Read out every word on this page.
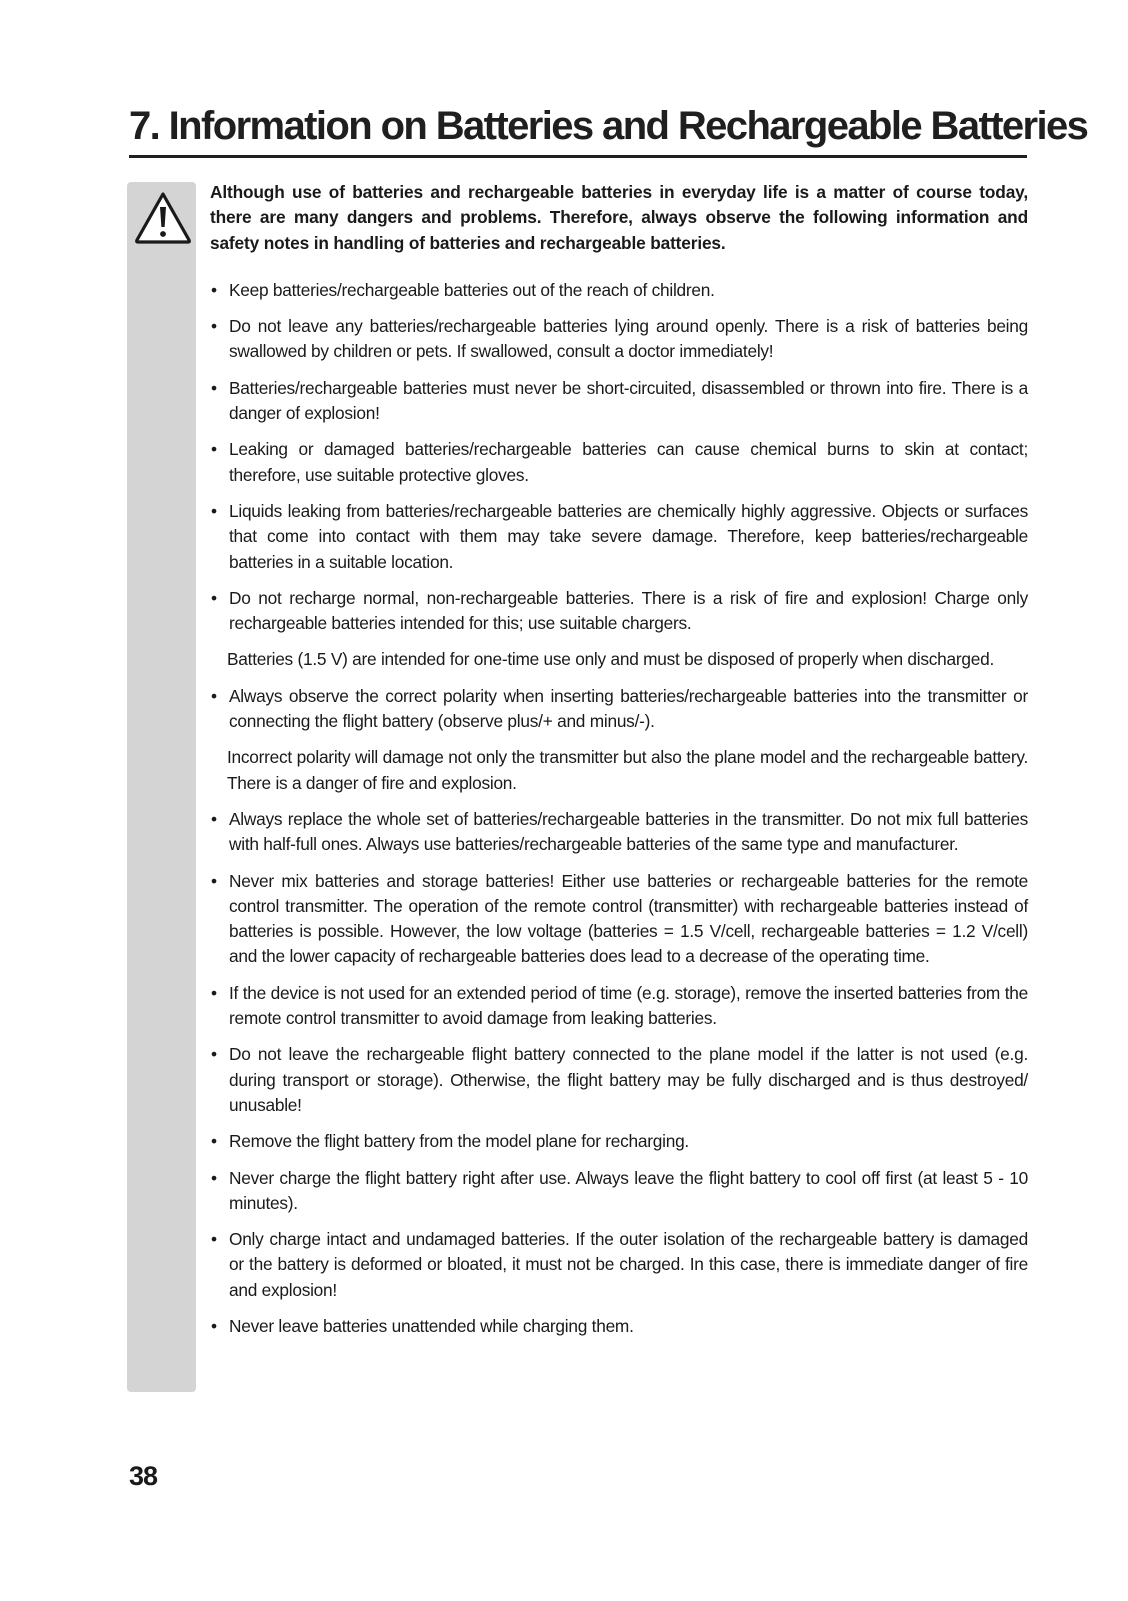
7. Information on Batteries and Rechargeable Batteries

Although use of batteries and rechargeable batteries in everyday life is a matter of course today, there are many dangers and problems. Therefore, always observe the following information and safety notes in handling of batteries and rechargeable batteries.

• Keep batteries/rechargeable batteries out of the reach of children.
• Do not leave any batteries/rechargeable batteries lying around openly. There is a risk of batteries being swallowed by children or pets. If swallowed, consult a doctor immediately!
• Batteries/rechargeable batteries must never be short-circuited, disassembled or thrown into fire. There is a danger of explosion!
• Leaking or damaged batteries/rechargeable batteries can cause chemical burns to skin at contact; therefore, use suitable protective gloves.
• Liquids leaking from batteries/rechargeable batteries are chemically highly aggressive. Objects or surfaces that come into contact with them may take severe damage. Therefore, keep batteries/rechargeable batteries in a suitable location.
• Do not recharge normal, non-rechargeable batteries. There is a risk of fire and explosion! Charge only rechargeable batteries intended for this; use suitable chargers.
Batteries (1.5 V) are intended for one-time use only and must be disposed of properly when discharged.
• Always observe the correct polarity when inserting batteries/rechargeable batteries into the transmitter or connecting the flight battery (observe plus/+ and minus/-).
Incorrect polarity will damage not only the transmitter but also the plane model and the rechargeable battery. There is a danger of fire and explosion.
• Always replace the whole set of batteries/rechargeable batteries in the transmitter. Do not mix full batteries with half-full ones. Always use batteries/rechargeable batteries of the same type and manufacturer.
• Never mix batteries and storage batteries! Either use batteries or rechargeable batteries for the remote control transmitter. The operation of the remote control (transmitter) with rechargeable batteries instead of batteries is possible. However, the low voltage (batteries = 1.5 V/cell, rechargeable batteries = 1.2 V/cell) and the lower capacity of rechargeable batteries does lead to a decrease of the operating time.
• If the device is not used for an extended period of time (e.g. storage), remove the inserted batteries from the remote control transmitter to avoid damage from leaking batteries.
• Do not leave the rechargeable flight battery connected to the plane model if the latter is not used (e.g. during transport or storage). Otherwise, the flight battery may be fully discharged and is thus destroyed/ unusable!
• Remove the flight battery from the model plane for recharging.
• Never charge the flight battery right after use. Always leave the flight battery to cool off first (at least 5 - 10 minutes).
• Only charge intact and undamaged batteries. If the outer isolation of the rechargeable battery is damaged or the battery is deformed or bloated, it must not be charged. In this case, there is immediate danger of fire and explosion!
• Never leave batteries unattended while charging them.

38
